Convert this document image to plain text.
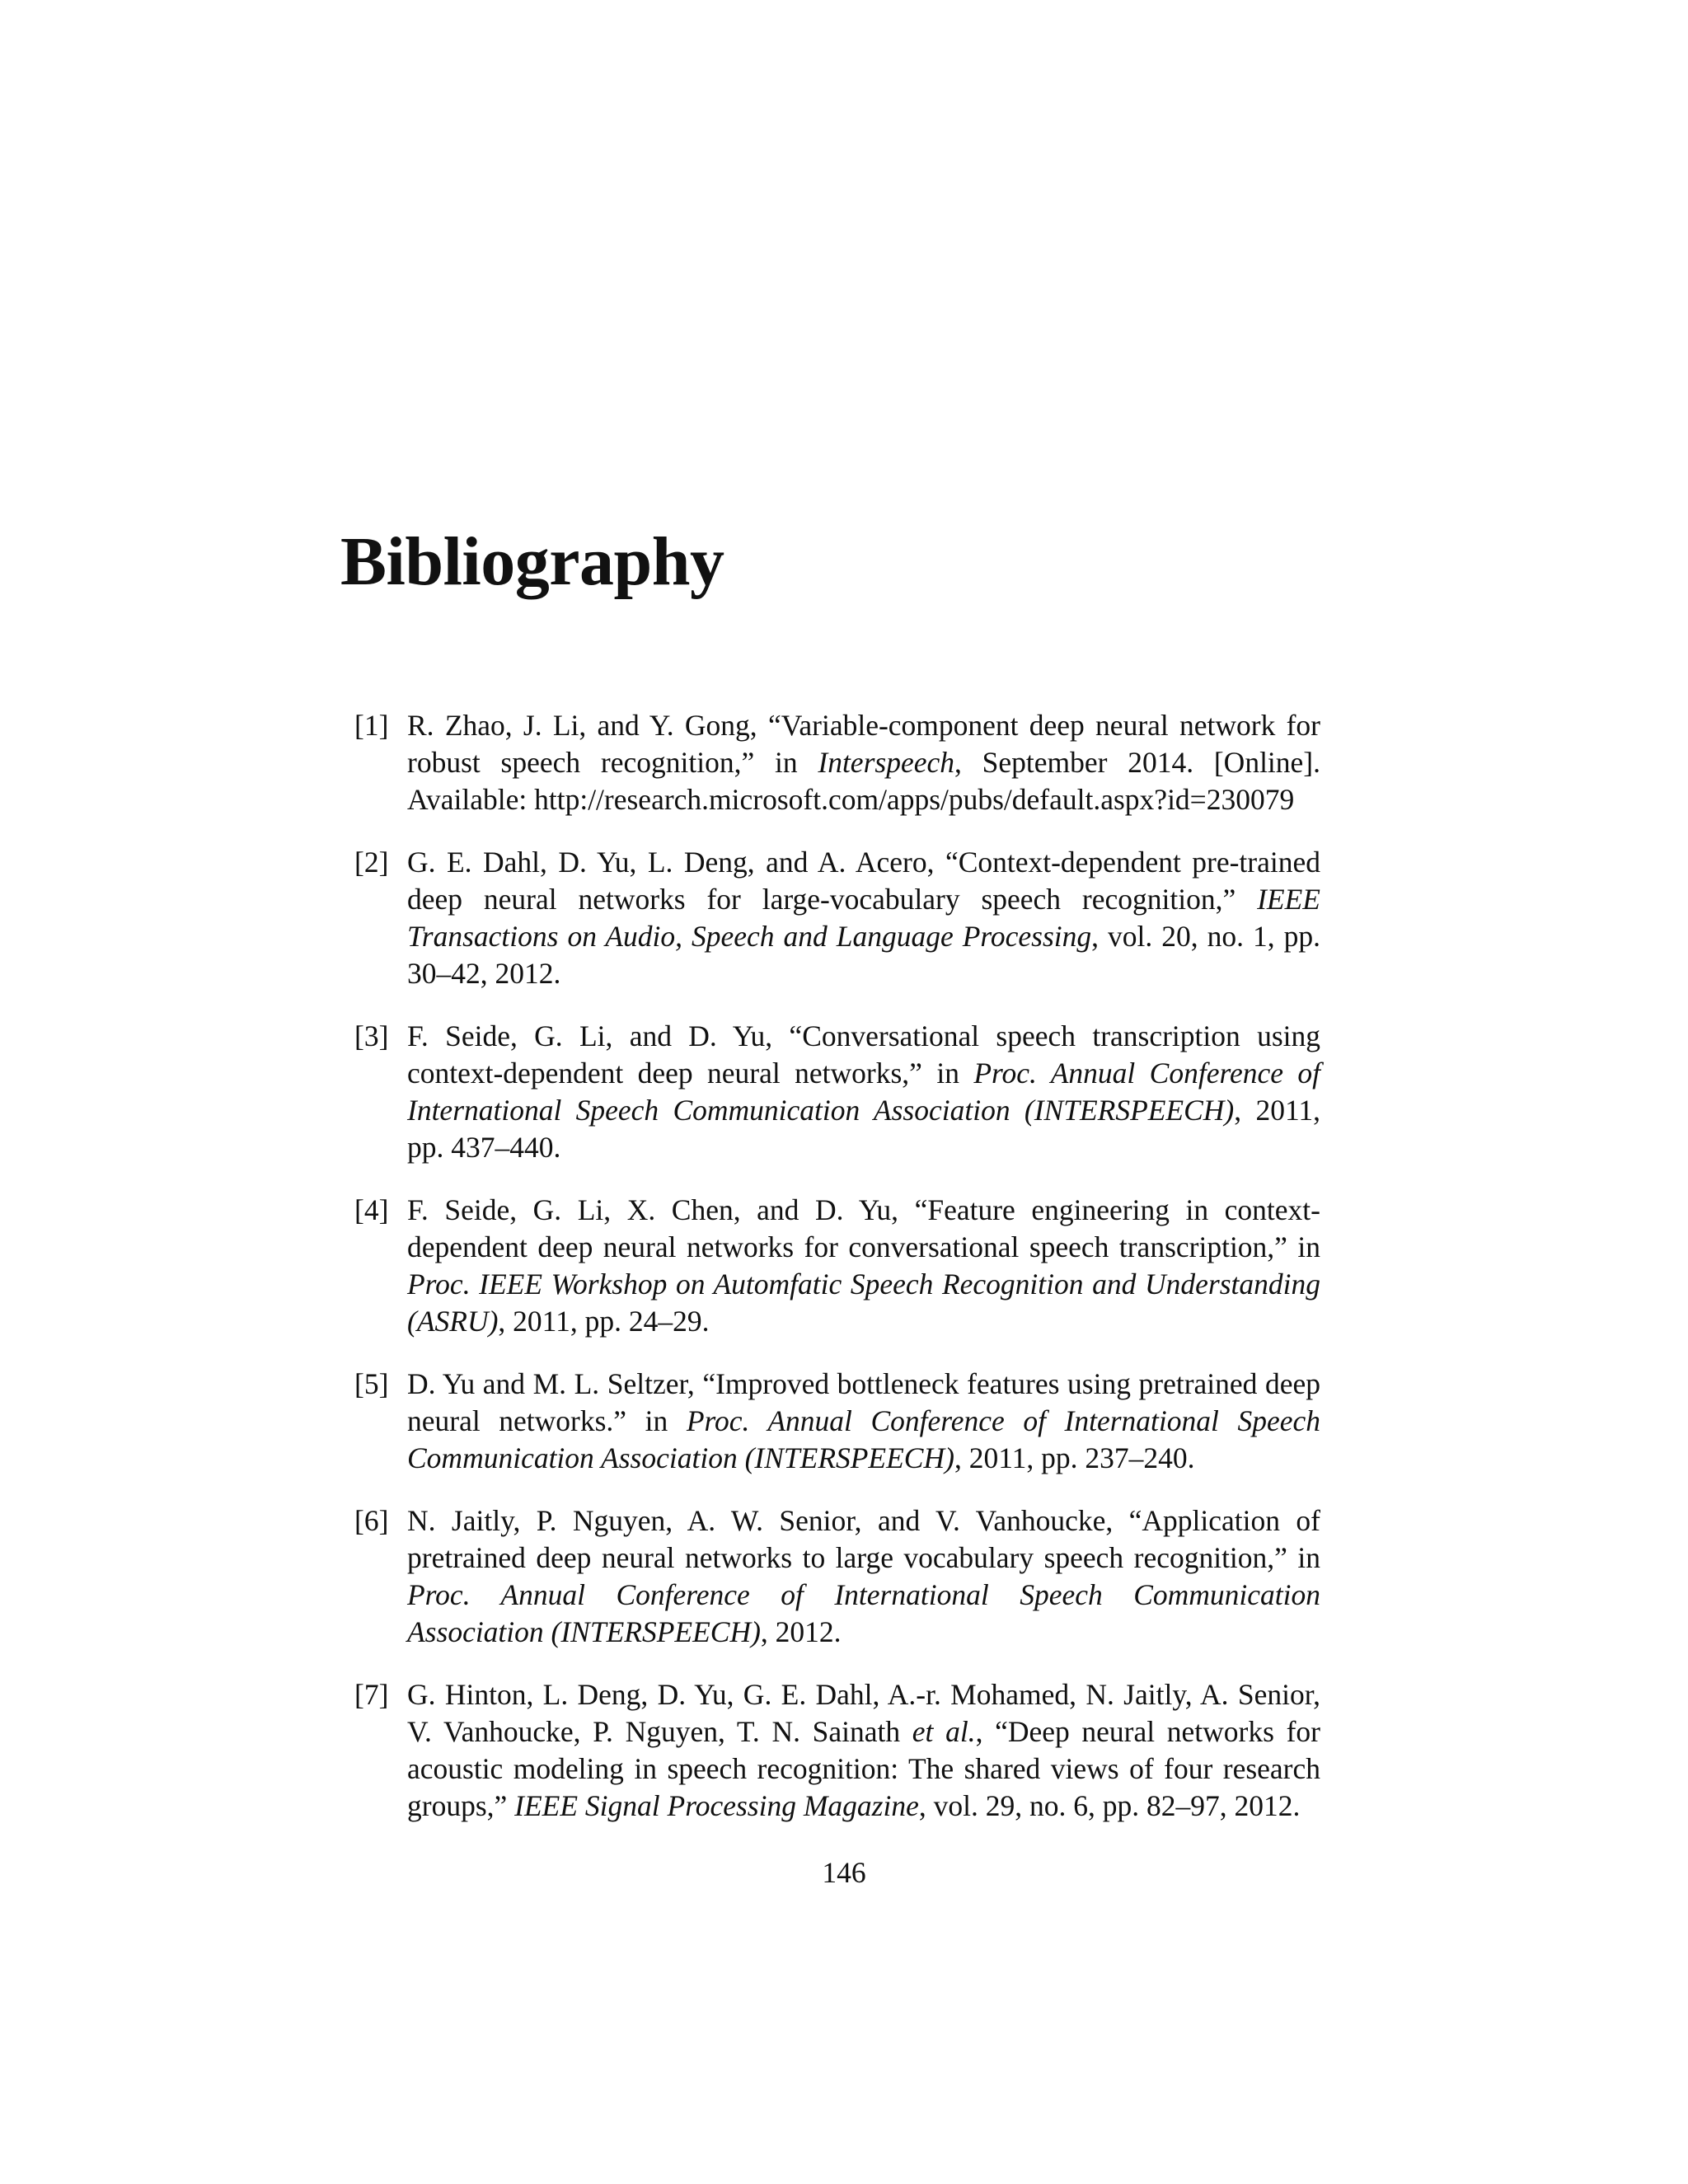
Bibliography
[1] R. Zhao, J. Li, and Y. Gong, “Variable-component deep neural network for robust speech recognition,” in Interspeech, September 2014. [Online]. Available: http://research.microsoft.com/apps/pubs/default.aspx?id=230079
[2] G. E. Dahl, D. Yu, L. Deng, and A. Acero, “Context-dependent pre-trained deep neural networks for large-vocabulary speech recognition,” IEEE Transactions on Audio, Speech and Language Processing, vol. 20, no. 1, pp. 30–42, 2012.
[3] F. Seide, G. Li, and D. Yu, “Conversational speech transcription using context-dependent deep neural networks,” in Proc. Annual Conference of International Speech Communication Association (INTERSPEECH), 2011, pp. 437–440.
[4] F. Seide, G. Li, X. Chen, and D. Yu, “Feature engineering in context-dependent deep neural networks for conversational speech transcription,” in Proc. IEEE Workshop on Automfatic Speech Recognition and Understanding (ASRU), 2011, pp. 24–29.
[5] D. Yu and M. L. Seltzer, “Improved bottleneck features using pretrained deep neural networks.” in Proc. Annual Conference of International Speech Communication Association (INTERSPEECH), 2011, pp. 237–240.
[6] N. Jaitly, P. Nguyen, A. W. Senior, and V. Vanhoucke, “Application of pretrained deep neural networks to large vocabulary speech recognition,” in Proc. Annual Conference of International Speech Communication Association (INTERSPEECH), 2012.
[7] G. Hinton, L. Deng, D. Yu, G. E. Dahl, A.-r. Mohamed, N. Jaitly, A. Senior, V. Vanhoucke, P. Nguyen, T. N. Sainath et al., “Deep neural networks for acoustic modeling in speech recognition: The shared views of four research groups,” IEEE Signal Processing Magazine, vol. 29, no. 6, pp. 82–97, 2012.
146
